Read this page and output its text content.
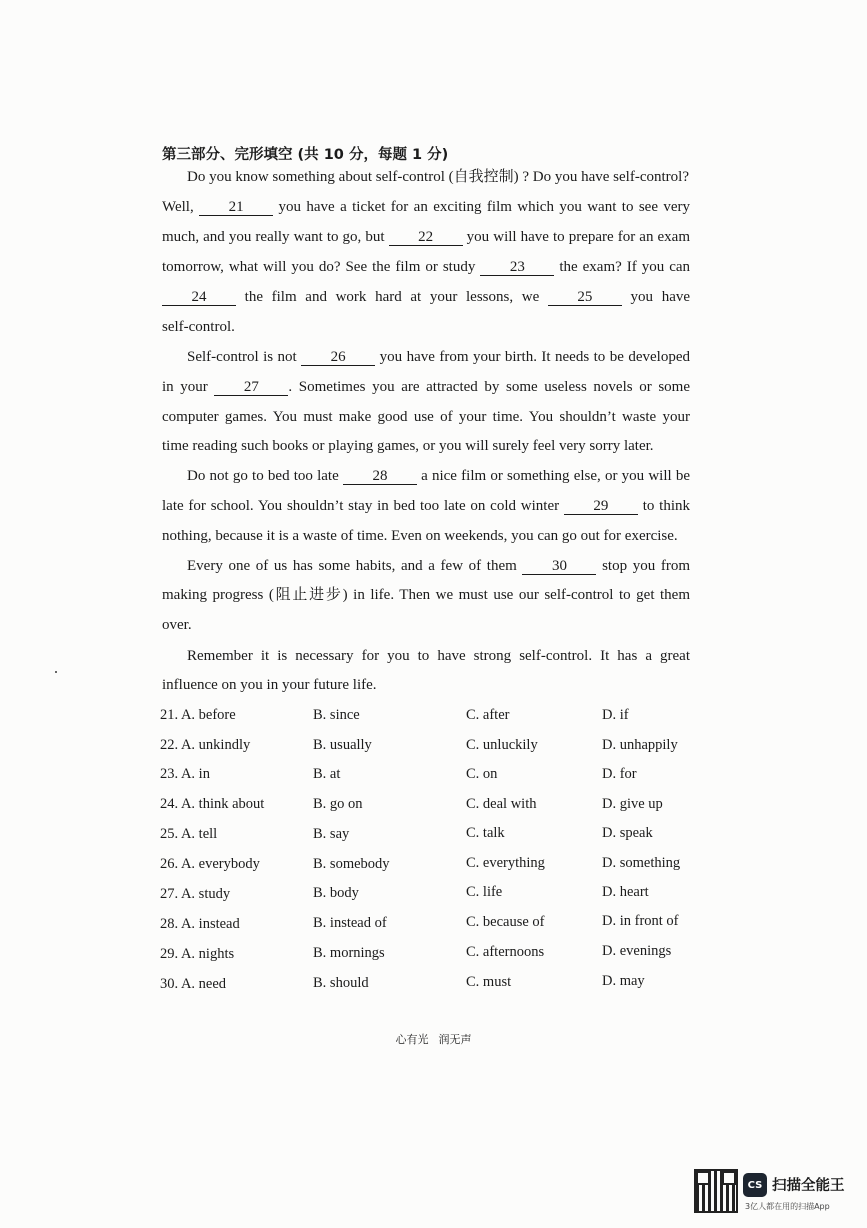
第三部分、完形填空 (共 10 分，每题 1 分)
Do you know something about self-control (自我控制) ? Do you have self-control?
Well, 21 you have a ticket for an exciting film which you want to see very
much, and you really want to go, but 22 you will have to prepare for an exam
tomorrow, what will you do? See the film or study 23 the exam? If you can
24	the film and work hard at your lessons, we	25	you have
self-control.
Self-control is not 26 you have from your birth. It needs to be developed
in your 27 . Sometimes you are attracted by some useless novels or some
computer games. You must make good use of your time. You shouldn’t waste your
time reading such books or playing games, or you will surely feel very sorry later.
Do not go to bed too late 28 a nice film or something else, or you will be
late for school. You shouldn’t stay in bed too late on cold winter 29 to think
nothing, because it is a waste of time. Even on weekends, you can go out for exercise.
Every one of us has some habits, and a few of them 30 stop you from
making progress (阻止进步) in life. Then we must use our self-control to get them
over.
Remember it is necessary for you to have strong self-control. It has a great
influence on you in your future life.
21. A. before	B. since	C. after	D. if
22. A. unkindly	B. usually	C. unluckily	D. unhappily
23. A. in	B. at	C. on	D. for
24. A. think about	B. go on	C. deal with	D. give up
25. A. tell	B. say	C. talk	D. speak
26. A. everybody	B. somebody	C. everything	D. something
27. A. study	B. body	C. life	D. heart
28. A. instead	B. instead of	C. because of	D. in front of
29. A. nights	B. mornings	C. afternoons	D. evenings
30. A. need	B. should	C. must	D. may
心有光 润无声
CS 扫描全能王
3亿人都在用的扫描App
